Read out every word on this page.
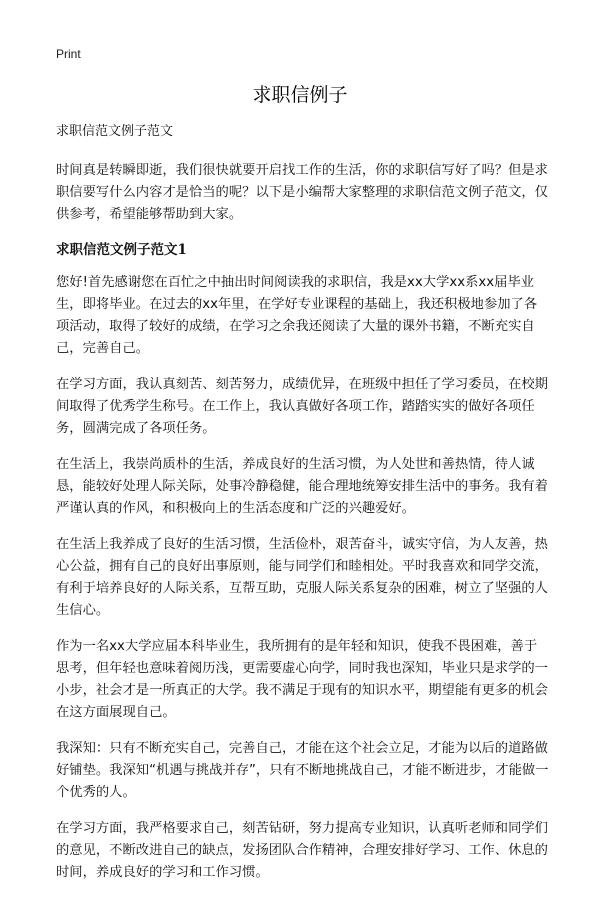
Print
求职信例子
求职信范文例子范文

时间真是转瞬即逝，我们很快就要开启找工作的生活，你的求职信写好了吗？但是求职信要写什么内容才是恰当的呢？以下是小编帮大家整理的求职信范文例子范文，仅供参考，希望能够帮助到大家。

求职信范文例子范文1

您好!首先感谢您在百忙之中抽出时间阅读我的求职信，我是xx大学xx系xx届毕业生，即将毕业。在过去的xx年里，在学好专业课程的基础上，我还积极地参加了各项活动，取得了较好的成绩，在学习之余我还阅读了大量的课外书籍，不断充实自己，完善自己。

在学习方面，我认真刻苦、刻苦努力，成绩优异，在班级中担任了学习委员，在校期间取得了优秀学生称号。在工作上，我认真做好各项工作，踏踏实实的做好各项任务，圆满完成了各项任务。

在生活上，我崇尚质朴的生活，养成良好的生活习惯，为人处世和善热情，待人诚恳，能较好处理人际关际，处事冷静稳健，能合理地统筹安排生活中的事务。我有着严谨认真的作风，和积极向上的生活态度和广泛的兴趣爱好。

在生活上我养成了良好的生活习惯，生活俭朴，艰苦奋斗，诚实守信，为人友善，热心公益，拥有自己的良好出事原则，能与同学们和睦相处。平时我喜欢和同学交流，有利于培养良好的人际关系，互帮互助，克服人际关系复杂的困难，树立了坚强的人生信心。

作为一名xx大学应届本科毕业生，我所拥有的是年轻和知识，使我不畏困难，善于思考，但年轻也意味着阅历浅，更需要虚心向学，同时我也深知，毕业只是求学的一小步，社会才是一所真正的大学。我不满足于现有的知识水平，期望能有更多的机会在这方面展现自己。

我深知：只有不断充实自己，完善自己，才能在这个社会立足，才能为以后的道路做好铺垫。我深知“机遇与挑战并存”，只有不断地挑战自己，才能不断进步，才能做一个优秀的人。

在学习方面，我严格要求自己，刻苦钻研，努力提高专业知识，认真听老师和同学们的意见，不断改进自己的缺点，发扬团队合作精神，合理安排好学习、工作、休息的时间，养成良好的学习和工作习惯。
